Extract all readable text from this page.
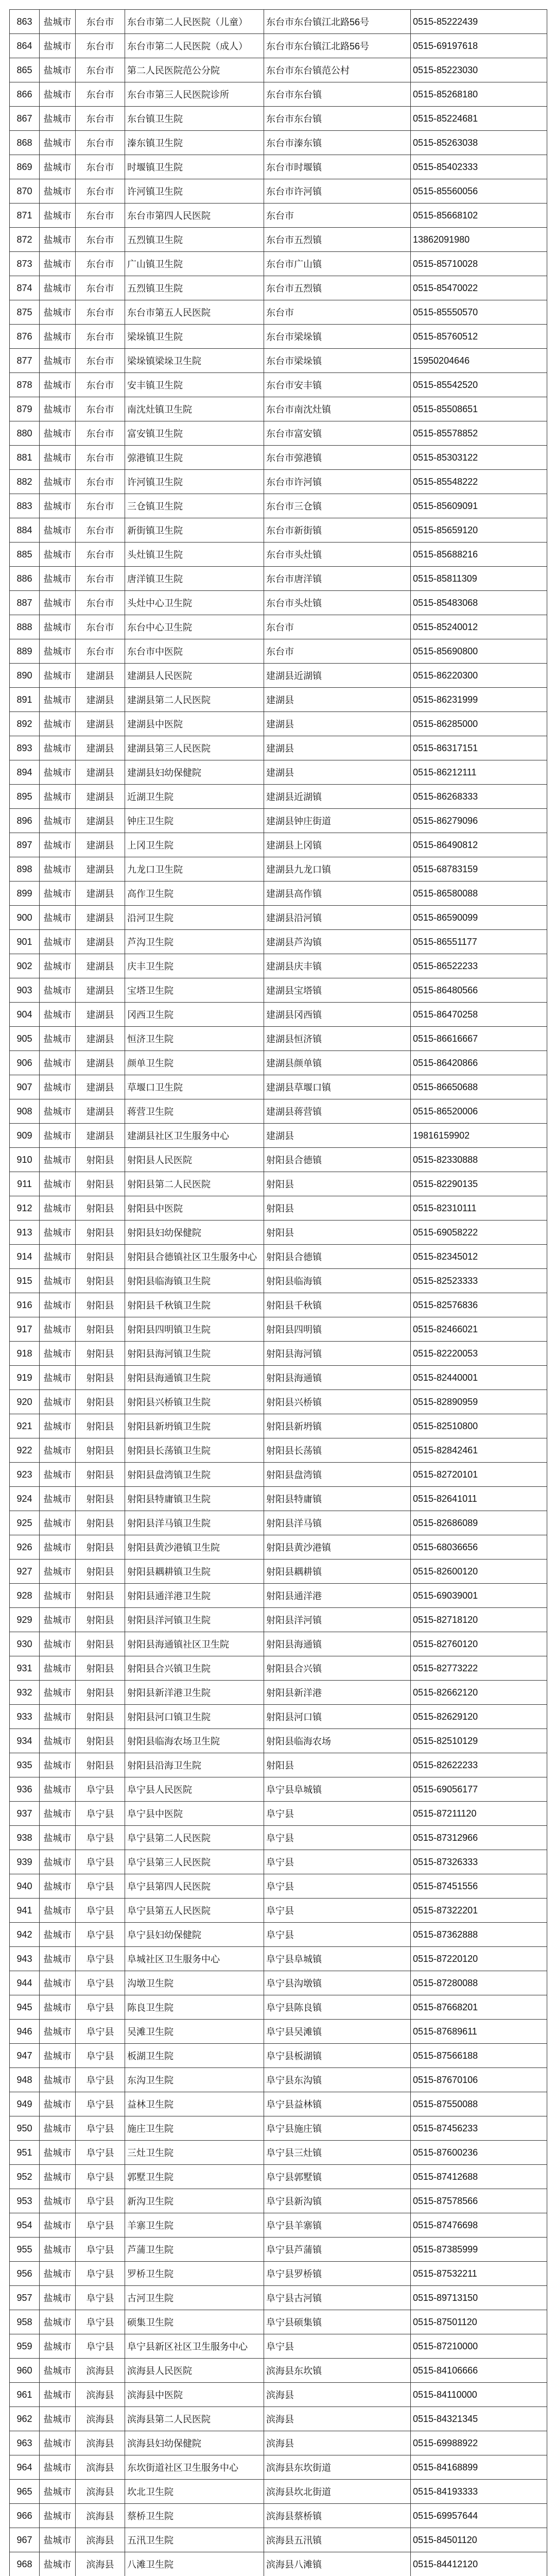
863	盐城市	东台市	东台市第二人民医院（儿童）	东台市东台镇江北路56号	0515-85222439
864	盐城市	东台市	东台市第二人民医院（成人）	东台市东台镇江北路56号	0515-69197618
865	盐城市	东台市	第二人民医院范公分院	东台市东台镇范公村	0515-85223030
866	盐城市	东台市	东台市第三人民医院诊所	东台市东台镇	0515-85268180
867	盐城市	东台市	东台镇卫生院	东台市东台镇	0515-85224681
868	盐城市	东台市	溱东镇卫生院	东台市溱东镇	0515-85263038
869	盐城市	东台市	时堰镇卫生院	东台市时堰镇	0515-85402333
870	盐城市	东台市	许河镇卫生院	东台市许河镇	0515-85560056
871	盐城市	东台市	东台市第四人民医院	东台市	0515-85668102
872	盐城市	东台市	五烈镇卫生院	东台市五烈镇	13862091980
873	盐城市	东台市	广山镇卫生院	东台市广山镇	0515-85710028
874	盐城市	东台市	五烈镇卫生院	东台市五烈镇	0515-85470022
875	盐城市	东台市	东台市第五人民医院	东台市	0515-85550570
876	盐城市	东台市	梁垛镇卫生院	东台市梁垛镇	0515-85760512
877	盐城市	东台市	梁垛镇梁垛卫生院	东台市梁垛镇	15950204646
878	盐城市	东台市	安丰镇卫生院	东台市安丰镇	0515-85542520
879	盐城市	东台市	南沈灶镇卫生院	东台市南沈灶镇	0515-85508651
880	盐城市	东台市	富安镇卫生院	东台市富安镇	0515-85578852
881	盐城市	东台市	弶港镇卫生院	东台市弶港镇	0515-85303122
882	盐城市	东台市	许河镇卫生院	东台市许河镇	0515-85548222
883	盐城市	东台市	三仓镇卫生院	东台市三仓镇	0515-85609091
884	盐城市	东台市	新街镇卫生院	东台市新街镇	0515-85659120
885	盐城市	东台市	头灶镇卫生院	东台市头灶镇	0515-85688216
886	盐城市	东台市	唐洋镇卫生院	东台市唐洋镇	0515-85811309
887	盐城市	东台市	头灶中心卫生院	东台市头灶镇	0515-85483068
888	盐城市	东台市	东台中心卫生院	东台市	0515-85240012
889	盐城市	东台市	东台市中医院	东台市	0515-85690800
890	盐城市	建湖县	建湖县人民医院	建湖县近湖镇	0515-86220300
891	盐城市	建湖县	建湖县第二人民医院	建湖县	0515-86231999
892	盐城市	建湖县	建湖县中医院	建湖县	0515-86285000
893	盐城市	建湖县	建湖县第三人民医院	建湖县	0515-86317151
894	盐城市	建湖县	建湖县妇幼保健院	建湖县	0515-86212111
895	盐城市	建湖县	近湖卫生院	建湖县近湖镇	0515-86268333
896	盐城市	建湖县	钟庄卫生院	建湖县钟庄街道	0515-86279096
897	盐城市	建湖县	上冈卫生院	建湖县上冈镇	0515-86490812
898	盐城市	建湖县	九龙口卫生院	建湖县九龙口镇	0515-68783159
899	盐城市	建湖县	高作卫生院	建湖县高作镇	0515-86580088
900	盐城市	建湖县	沿河卫生院	建湖县沿河镇	0515-86590099
901	盐城市	建湖县	芦沟卫生院	建湖县芦沟镇	0515-86551177
902	盐城市	建湖县	庆丰卫生院	建湖县庆丰镇	0515-86522233
903	盐城市	建湖县	宝塔卫生院	建湖县宝塔镇	0515-86480566
904	盐城市	建湖县	冈西卫生院	建湖县冈西镇	0515-86470258
905	盐城市	建湖县	恒济卫生院	建湖县恒济镇	0515-86616667
906	盐城市	建湖县	颜单卫生院	建湖县颜单镇	0515-86420866
907	盐城市	建湖县	草堰口卫生院	建湖县草堰口镇	0515-86650688
908	盐城市	建湖县	蒋营卫生院	建湖县蒋营镇	0515-86520006
909	盐城市	建湖县	建湖县社区卫生服务中心	建湖县	19816159902
910	盐城市	射阳县	射阳县人民医院	射阳县合德镇	0515-82330888
911	盐城市	射阳县	射阳县第二人民医院	射阳县	0515-82290135
912	盐城市	射阳县	射阳县中医院	射阳县	0515-82310111
913	盐城市	射阳县	射阳县妇幼保健院	射阳县	0515-69058222
914	盐城市	射阳县	射阳县合德镇社区卫生服务中心	射阳县合德镇	0515-82345012
915	盐城市	射阳县	射阳县临海镇卫生院	射阳县临海镇	0515-82523333
916	盐城市	射阳县	射阳县千秋镇卫生院	射阳县千秋镇	0515-82576836
917	盐城市	射阳县	射阳县四明镇卫生院	射阳县四明镇	0515-82466021
918	盐城市	射阳县	射阳县海河镇卫生院	射阳县海河镇	0515-82220053
919	盐城市	射阳县	射阳县海通镇卫生院	射阳县海通镇	0515-82440001
920	盐城市	射阳县	射阳县兴桥镇卫生院	射阳县兴桥镇	0515-82890959
921	盐城市	射阳县	射阳县新坍镇卫生院	射阳县新坍镇	0515-82510800
922	盐城市	射阳县	射阳县长荡镇卫生院	射阳县长荡镇	0515-82842461
923	盐城市	射阳县	射阳县盘湾镇卫生院	射阳县盘湾镇	0515-82720101
924	盐城市	射阳县	射阳县特庸镇卫生院	射阳县特庸镇	0515-82641011
925	盐城市	射阳县	射阳县洋马镇卫生院	射阳县洋马镇	0515-82686089
926	盐城市	射阳县	射阳县黄沙港镇卫生院	射阳县黄沙港镇	0515-68036656
927	盐城市	射阳县	射阳县耦耕镇卫生院	射阳县耦耕镇	0515-82600120
928	盐城市	射阳县	射阳县通洋港卫生院	射阳县通洋港	0515-69039001
929	盐城市	射阳县	射阳县洋河镇卫生院	射阳县洋河镇	0515-82718120
930	盐城市	射阳县	射阳县海通镇社区卫生院	射阳县海通镇	0515-82760120
931	盐城市	射阳县	射阳县合兴镇卫生院	射阳县合兴镇	0515-82773222
932	盐城市	射阳县	射阳县新洋港卫生院	射阳县新洋港	0515-82662120
933	盐城市	射阳县	射阳县河口镇卫生院	射阳县河口镇	0515-82629120
934	盐城市	射阳县	射阳县临海农场卫生院	射阳县临海农场	0515-82510129
935	盐城市	射阳县	射阳县沿海卫生院	射阳县	0515-82622233
936	盐城市	阜宁县	阜宁县人民医院	阜宁县阜城镇	0515-69056177
937	盐城市	阜宁县	阜宁县中医院	阜宁县	0515-87211120
938	盐城市	阜宁县	阜宁县第二人民医院	阜宁县	0515-87312966
939	盐城市	阜宁县	阜宁县第三人民医院	阜宁县	0515-87326333
940	盐城市	阜宁县	阜宁县第四人民医院	阜宁县	0515-87451556
941	盐城市	阜宁县	阜宁县第五人民医院	阜宁县	0515-87322201
942	盐城市	阜宁县	阜宁县妇幼保健院	阜宁县	0515-87362888
943	盐城市	阜宁县	阜城社区卫生服务中心	阜宁县阜城镇	0515-87220120
944	盐城市	阜宁县	沟墩卫生院	阜宁县沟墩镇	0515-87280088
945	盐城市	阜宁县	陈良卫生院	阜宁县陈良镇	0515-87668201
946	盐城市	阜宁县	吴滩卫生院	阜宁县吴滩镇	0515-87689611
947	盐城市	阜宁县	板湖卫生院	阜宁县板湖镇	0515-87566188
948	盐城市	阜宁县	东沟卫生院	阜宁县东沟镇	0515-87670106
949	盐城市	阜宁县	益林卫生院	阜宁县益林镇	0515-87550088
950	盐城市	阜宁县	施庄卫生院	阜宁县施庄镇	0515-87456233
951	盐城市	阜宁县	三灶卫生院	阜宁县三灶镇	0515-87600236
952	盐城市	阜宁县	郭墅卫生院	阜宁县郭墅镇	0515-87412688
953	盐城市	阜宁县	新沟卫生院	阜宁县新沟镇	0515-87578566
954	盐城市	阜宁县	羊寨卫生院	阜宁县羊寨镇	0515-87476698
955	盐城市	阜宁县	芦蒲卫生院	阜宁县芦蒲镇	0515-87385999
956	盐城市	阜宁县	罗桥卫生院	阜宁县罗桥镇	0515-87532211
957	盐城市	阜宁县	古河卫生院	阜宁县古河镇	0515-89713150
958	盐城市	阜宁县	硕集卫生院	阜宁县硕集镇	0515-87501120
959	盐城市	阜宁县	阜宁县新区社区卫生服务中心	阜宁县	0515-87210000
960	盐城市	滨海县	滨海县人民医院	滨海县东坎镇	0515-84106666
961	盐城市	滨海县	滨海县中医院	滨海县	0515-84110000
962	盐城市	滨海县	滨海县第二人民医院	滨海县	0515-84321345
963	盐城市	滨海县	滨海县妇幼保健院	滨海县	0515-69988922
964	盐城市	滨海县	东坎街道社区卫生服务中心	滨海县东坎街道	0515-84168899
965	盐城市	滨海县	坎北卫生院	滨海县坎北街道	0515-84193333
966	盐城市	滨海县	蔡桥卫生院	滨海县蔡桥镇	0515-69957644
967	盐城市	滨海县	五汛卫生院	滨海县五汛镇	0515-84501120
968	盐城市	滨海县	八滩卫生院	滨海县八滩镇	0515-84412120
